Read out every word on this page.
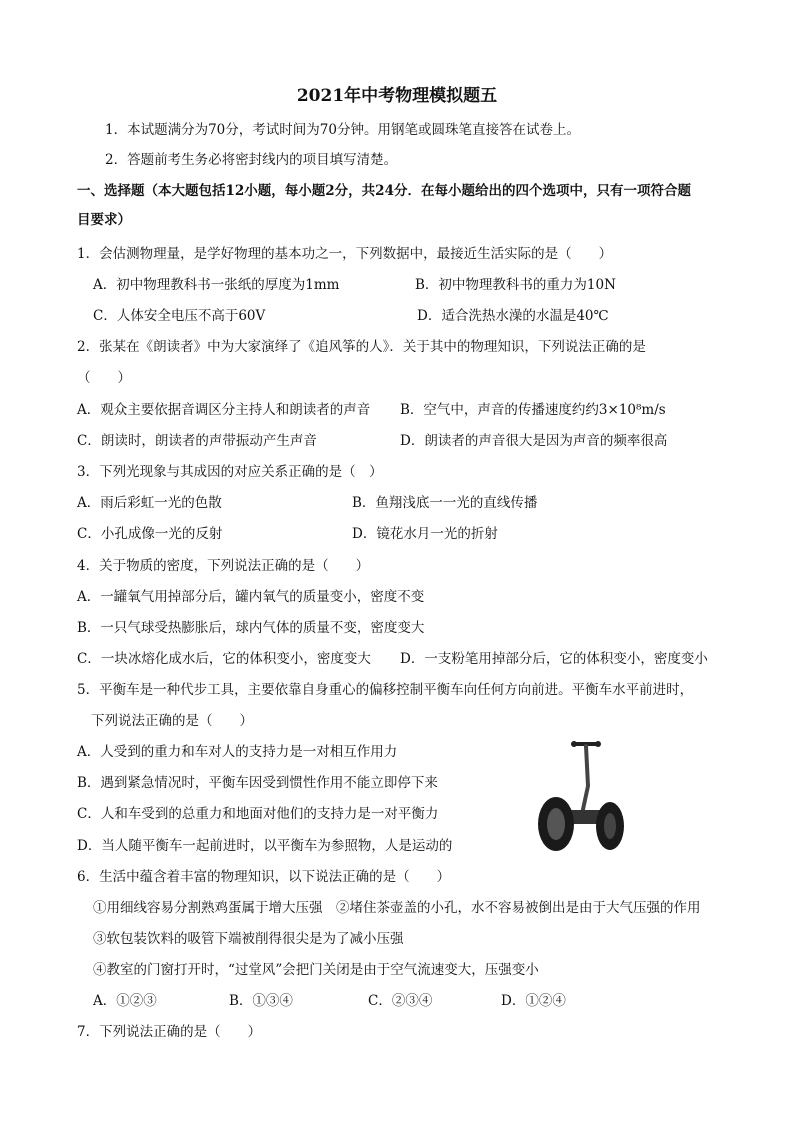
2021年中考物理模拟题五
1．本试题满分为70分，考试时间为70分钟。用钢笔或圆珠笔直接答在试卷上。
2．答题前考生务必将密封线内的项目填写清楚。
一、选择题（本大题包括12小题，每小题2分，共24分．在每小题给出的四个选项中，只有一项符合题
目要求）
1．会估测物理量，是学好物理的基本功之一，下列数据中，最接近生活实际的是（　　）
A．初中物理教科书一张纸的厚度为1mm	B．初中物理教科书的重力为10N
C．人体安全电压不高于60V	D．适合洗热水澡的水温是40℃
2．张某在《朗读者》中为大家演绎了《追风筝的人》．关于其中的物理知识，下列说法正确的是
（　　）
A．观众主要依据音调区分主持人和朗读者的声音 B．空气中，声音的传播速度约约3×10⁸m/s
C．朗读时，朗读者的声带振动产生声音	D．朗读者的声音很大是因为声音的频率很高
3．下列光现象与其成因的对应关系正确的是（　）
A．雨后彩虹一光的色散	B．鱼翔浅底一一光的直线传播
C．小孔成像一光的反射	D．镜花水月一光的折射
4．关于物质的密度，下列说法正确的是（　　）
A．一罐氧气用掉部分后，罐内氧气的质量变小，密度不变
B．一只气球受热膨胀后，球内气体的质量不变，密度变大
C．一块冰熔化成水后，它的体积变小，密度变大 D．一支粉笔用掉部分后，它的体积变小，密度变小
5．平衡车是一种代步工具，主要依靠自身重心的偏移控制平衡车向任何方向前进。平衡车水平前进时，
下列说法正确的是（　　）
A．人受到的重力和车对人的支持力是一对相互作用力
B．遇到紧急情况时，平衡车因受到惯性作用不能立即停下来
C．人和车受到的总重力和地面对他们的支持力是一对平衡力
D．当人随平衡车一起前进时，以平衡车为参照物，人是运动的
6．生活中蕴含着丰富的物理知识，以下说法正确的是（　　）
①用细线容易分割熟鸡蛋属于增大压强　②堵住茶壶盖的小孔，水不容易被倒出是由于大气压强的作用
③软包装饮料的吸管下端被削得很尖是为了减小压强
④教室的门窗打开时，“过堂风”会把门关闭是由于空气流速变大，压强变小
A．①②③	B．①③④	C．②③④	D．①②④
7．下列说法正确的是（　　）
